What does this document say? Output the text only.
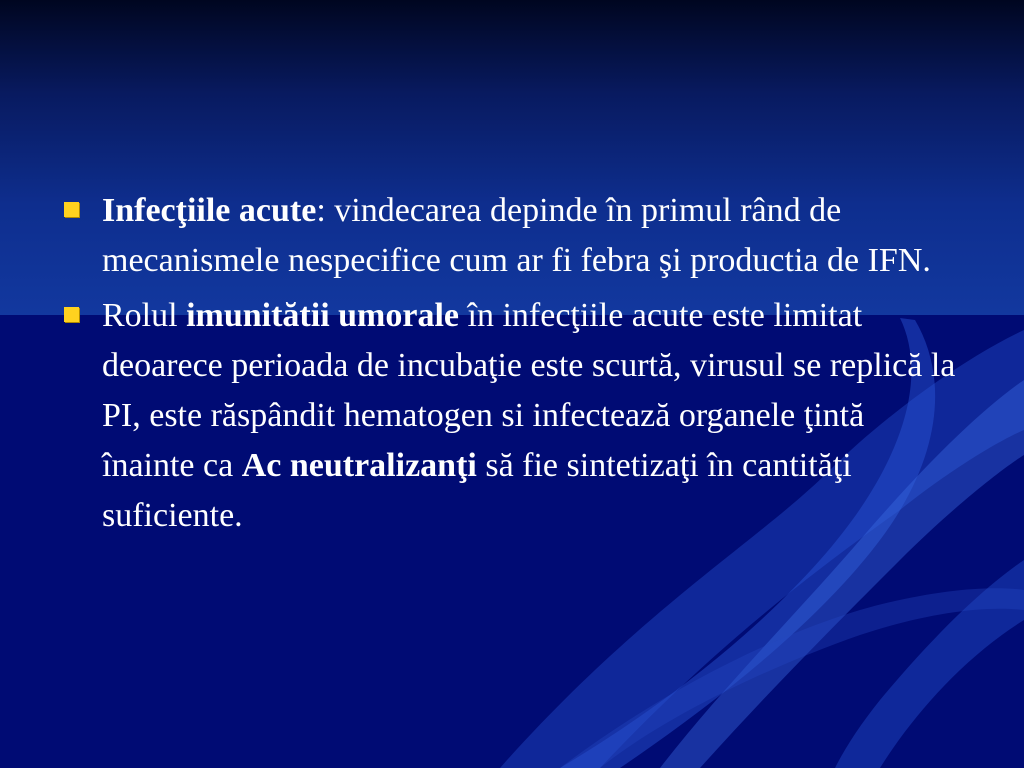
Infecţiile acute: vindecarea depinde în primul rând de mecanismele nespecifice cum ar fi febra şi productia de IFN.
Rolul imunitătii umorale în infecţiile acute este limitat deoarece perioada de incubaţie este scurtă, virusul se replică la PI, este răspândit hematogen si infectează organele ţintă înainte ca Ac neutralizanţi să fie sintetizaţi în cantităţi suficiente.
